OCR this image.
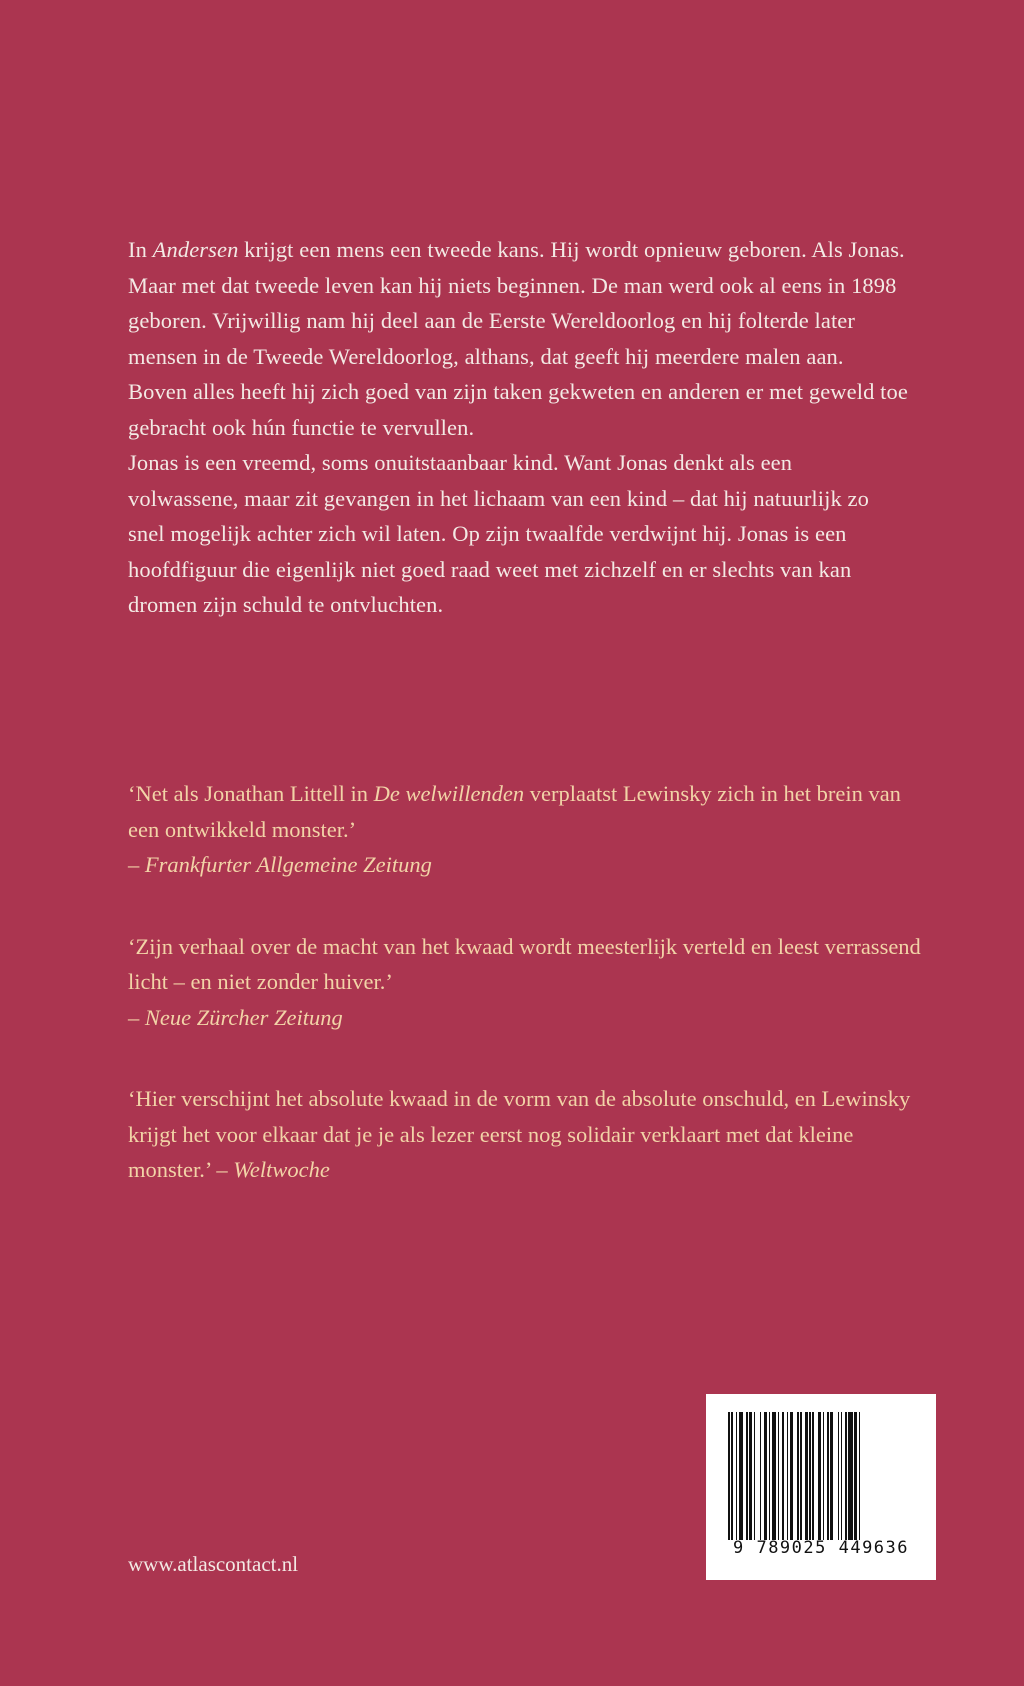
In Andersen krijgt een mens een tweede kans. Hij wordt opnieuw geboren. Als Jonas. Maar met dat tweede leven kan hij niets beginnen. De man werd ook al eens in 1898 geboren. Vrijwillig nam hij deel aan de Eerste Wereldoorlog en hij folterde later mensen in de Tweede Wereldoorlog, althans, dat geeft hij meerdere malen aan. Boven alles heeft hij zich goed van zijn taken gekweten en anderen er met geweld toe gebracht ook hún functie te vervullen.

Jonas is een vreemd, soms onuitstaanbaar kind. Want Jonas denkt als een volwassene, maar zit gevangen in het lichaam van een kind – dat hij natuurlijk zo snel mogelijk achter zich wil laten. Op zijn twaalfde verdwijnt hij. Jonas is een hoofdfiguur die eigenlijk niet goed raad weet met zichzelf en er slechts van kan dromen zijn schuld te ontvluchten.

‘Net als Jonathan Littell in De welwillenden verplaatst Lewinsky zich in het brein van een ontwikkeld monster.’
– Frankfurter Allgemeine Zeitung
‘Zijn verhaal over de macht van het kwaad wordt meesterlijk verteld en leest verrassend licht – en niet zonder huiver.’
– Neue Zürcher Zeitung
‘Hier verschijnt het absolute kwaad in de vorm van de absolute onschuld, en Lewinsky krijgt het voor elkaar dat je je als lezer eerst nog solidair verklaart met dat kleine monster.’ – Weltwoche
www.atlascontact.nl
9 789025 449636
